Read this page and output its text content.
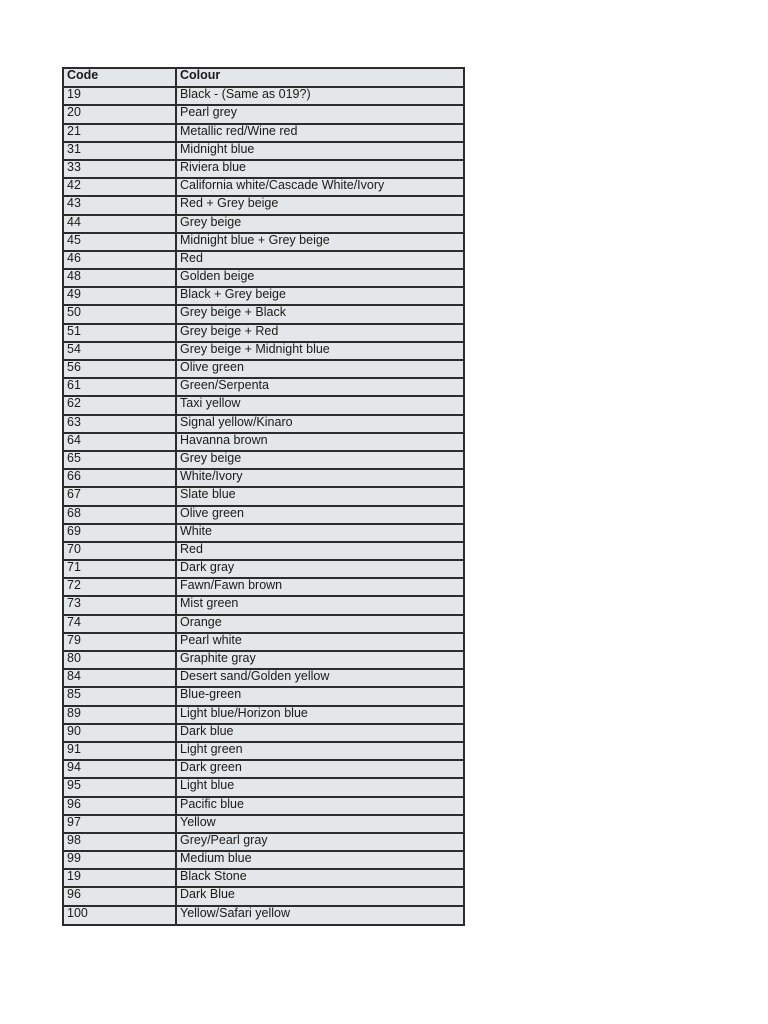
Code	Colour
19	Black - (Same as 019?)
20	Pearl grey
21	Metallic red/Wine red
31	Midnight blue
33	Riviera blue
42	California white/Cascade White/Ivory
43	Red + Grey beige
44	Grey beige
45	Midnight blue + Grey beige
46	Red
48	Golden beige
49	Black + Grey beige
50	Grey beige + Black
51	Grey beige + Red
54	Grey beige + Midnight blue
56	Olive green
61	Green/Serpenta
62	Taxi yellow
63	Signal yellow/Kinaro
64	Havanna brown
65	Grey beige
66	White/Ivory
67	Slate blue
68	Olive green
69	White
70	Red
71	Dark gray
72	Fawn/Fawn brown
73	Mist green
74	Orange
79	Pearl white
80	Graphite gray
84	Desert sand/Golden yellow
85	Blue-green
89	Light blue/Horizon blue
90	Dark blue
91	Light green
94	Dark green
95	Light blue
96	Pacific blue
97	Yellow
98	Grey/Pearl gray
99	Medium blue
19	Black Stone
96	Dark Blue
100	Yellow/Safari yellow
